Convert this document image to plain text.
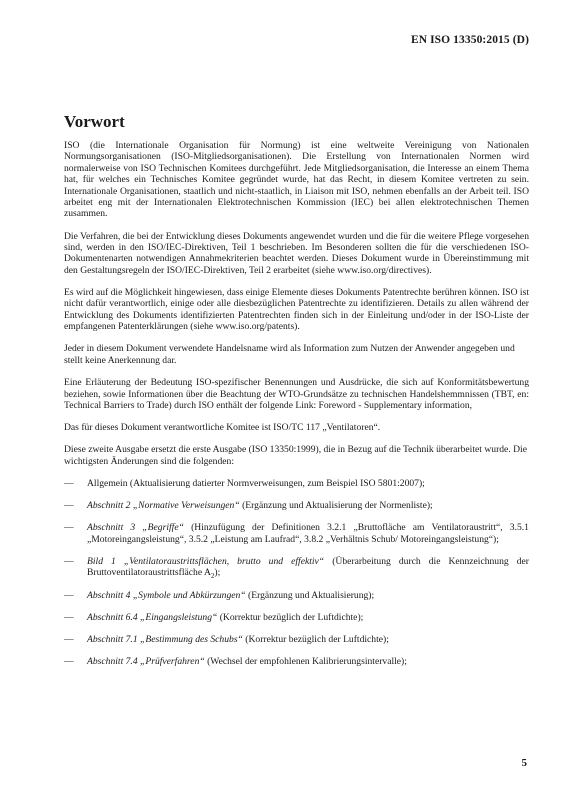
EN ISO 13350:2015 (D)
Vorwort

ISO (die Internationale Organisation für Normung) ist eine weltweite Vereinigung von Nationalen Normungsorganisationen (ISO-Mitgliedsorganisationen). Die Erstellung von Internationalen Normen wird normalerweise von ISO Technischen Komitees durchgeführt. Jede Mitgliedsorganisation, die Interesse an einem Thema hat, für welches ein Technisches Komitee gegründet wurde, hat das Recht, in diesem Komitee vertreten zu sein. Internationale Organisationen, staatlich und nicht-staatlich, in Liaison mit ISO, nehmen ebenfalls an der Arbeit teil. ISO arbeitet eng mit der Internationalen Elektrotechnischen Kommission (IEC) bei allen elektrotechnischen Themen zusammen.

Die Verfahren, die bei der Entwicklung dieses Dokuments angewendet wurden und die für die weitere Pflege vorgesehen sind, werden in den ISO/IEC-Direktiven, Teil 1 beschrieben. Im Besonderen sollten die für die verschiedenen ISO-Dokumentenarten notwendigen Annahmekriterien beachtet werden. Dieses Dokument wurde in Übereinstimmung mit den Gestaltungsregeln der ISO/IEC-Direktiven, Teil 2 erarbeitet (siehe www.iso.org/directives).

Es wird auf die Möglichkeit hingewiesen, dass einige Elemente dieses Dokuments Patentrechte berühren können. ISO ist nicht dafür verantwortlich, einige oder alle diesbezüglichen Patentrechte zu identifizieren. Details zu allen während der Entwicklung des Dokuments identifizierten Patentrechten finden sich in der Einleitung und/oder in der ISO-Liste der empfangenen Patenterklärungen (siehe www.iso.org/patents).

Jeder in diesem Dokument verwendete Handelsname wird als Information zum Nutzen der Anwender angegeben und stellt keine Anerkennung dar.

Eine Erläuterung der Bedeutung ISO-spezifischer Benennungen und Ausdrücke, die sich auf Konformitätsbewertung beziehen, sowie Informationen über die Beachtung der WTO-Grundsätze zu technischen Handelshemmnissen (TBT, en: Technical Barriers to Trade) durch ISO enthält der folgende Link: Foreword - Supplementary information,

Das für dieses Dokument verantwortliche Komitee ist ISO/TC 117 „Ventilatoren“.

Diese zweite Ausgabe ersetzt die erste Ausgabe (ISO 13350:1999), die in Bezug auf die Technik überarbeitet wurde. Die wichtigsten Änderungen sind die folgenden:

— Allgemein (Aktualisierung datierter Normverweisungen, zum Beispiel ISO 5801:2007);
— Abschnitt 2 „Normative Verweisungen“ (Ergänzung und Aktualisierung der Normenliste);
— Abschnitt 3 „Begriffe“ (Hinzufügung der Definitionen 3.2.1 „Bruttofläche am Ventilatoraustritt“, 3.5.1 „Motoreingangsleistung“, 3.5.2 „Leistung am Laufrad“, 3.8.2 „Verhältnis Schub/ Motoreingangsleistung“);
— Bild 1 „Ventilatoraustrittsflächen, brutto und effektiv“ (Überarbeitung durch die Kennzeichnung der Bruttoventilatoraustrittsfläche $A_2$);
— Abschnitt 4 „Symbole und Abkürzungen“ (Ergänzung und Aktualisierung);
— Abschnitt 6.4 „Eingangsleistung“ (Korrektur bezüglich der Luftdichte);
— Abschnitt 7.1 „Bestimmung des Schubs“ (Korrektur bezüglich der Luftdichte);
— Abschnitt 7.4 „Prüfverfahren“ (Wechsel der empfohlenen Kalibrierungsintervalle);
5
